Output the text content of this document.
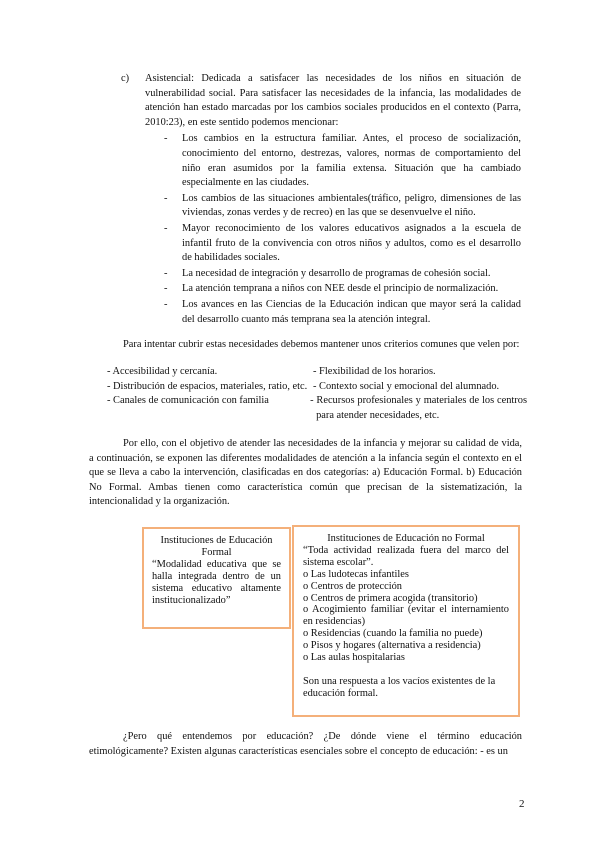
c) Asistencial: Dedicada a satisfacer las necesidades de los niños en situación de vulnerabilidad social. Para satisfacer las necesidades de la infancia, las modalidades de atención han estado marcadas por los cambios sociales producidos en el contexto (Parra, 2010:23), en este sentido podemos mencionar:
- Los cambios en la estructura familiar. Antes, el proceso de socialización, conocimiento del entorno, destrezas, valores, normas de comportamiento del niño eran asumidos por la familia extensa. Situación que ha cambiado especialmente en las ciudades.
- Los cambios de las situaciones ambientales(tráfico, peligro, dimensiones de las viviendas, zonas verdes y de recreo) en las que se desenvuelve el niño.
- Mayor reconocimiento de los valores educativos asignados a la escuela de infantil fruto de la convivencia con otros niños y adultos, como es el desarrollo de habilidades sociales.
- La necesidad de integración y desarrollo de programas de cohesión social.
- La atención temprana a niños con NEE desde el principio de normalización.
- Los avances en las Ciencias de la Educación indican que mayor será la calidad del desarrollo cuanto más temprana sea la atención integral.
Para intentar cubrir estas necesidades debemos mantener unos criterios comunes que velen por:
- Accesibilidad y cercanía.	- Flexibilidad de los horarios.
- Distribución de espacios, materiales, ratio, etc. - Contexto social y emocional del alumnado.
- Canales de comunicación con familia	- Recursos profesionales y materiales de los centros para atender necesidades, etc.
Por ello, con el objetivo de atender las necesidades de la infancia y mejorar su calidad de vida, a continuación, se exponen las diferentes modalidades de atención a la infancia según el contexto en el que se lleva a cabo la intervención, clasificadas en dos categorías: a) Educación Formal. b) Educación No Formal. Ambas tienen como característica común que precisan de la sistematización, la intencionalidad y la organización.
Instituciones de Educación Formal
“Modalidad educativa que se halla integrada dentro de un sistema educativo altamente institucionalizado”
Instituciones de Educación no Formal
“Toda actividad realizada fuera del marco del sistema escolar”.
o Las ludotecas infantiles
o Centros de protección
o Centros de primera acogida (transitorio)
o Acogimiento familiar (evitar el internamiento en residencias)
o Residencias (cuando la familia no puede)
o Pisos y hogares (alternativa a residencia)
o Las aulas hospitalarias
Son una respuesta a los vacíos existentes de la educación formal.
¿Pero qué entendemos por educación? ¿De dónde viene el término educación etimológicamente? Existen algunas características esenciales sobre el concepto de educación: - es un
2
